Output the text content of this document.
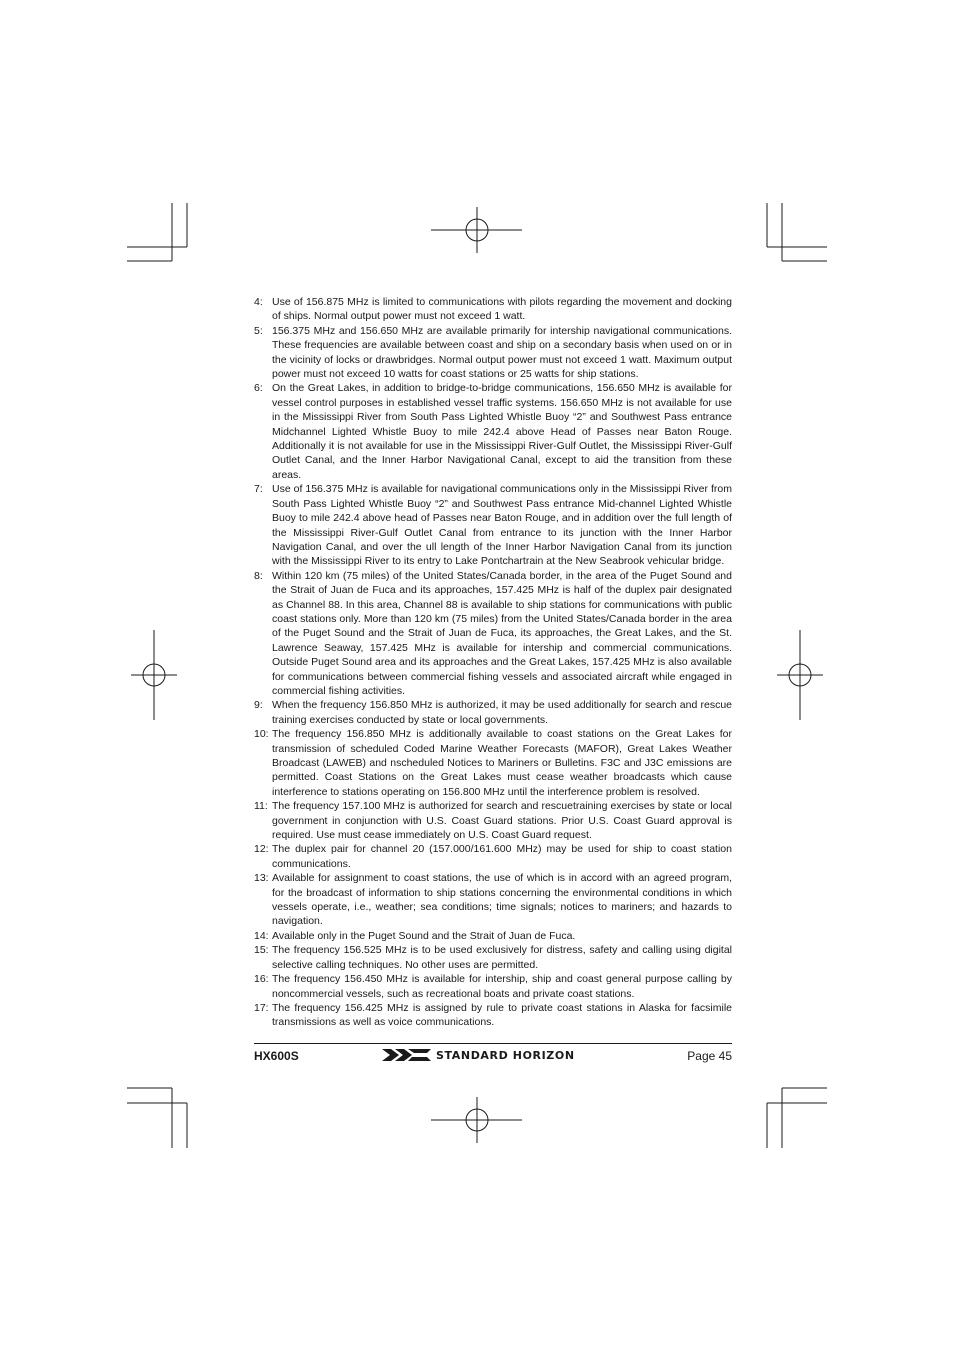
4: Use of 156.875 MHz is limited to communications with pilots regarding the movement and docking of ships. Normal output power must not exceed 1 watt.
5: 156.375 MHz and 156.650 MHz are available primarily for intership navigational communications. These frequencies are available between coast and ship on a secondary basis when used on or in the vicinity of locks or drawbridges. Normal output power must not exceed 1 watt. Maximum output power must not exceed 10 watts for coast stations or 25 watts for ship stations.
6: On the Great Lakes, in addition to bridge-to-bridge communications, 156.650 MHz is available for vessel control purposes in established vessel traffic systems. 156.650 MHz is not available for use in the Mississippi River from South Pass Lighted Whistle Buoy “2” and Southwest Pass entrance Midchannel Lighted Whistle Buoy to mile 242.4 above Head of Passes near Baton Rouge. Additionally it is not available for use in the Mississippi River-Gulf Outlet, the Mississippi River-Gulf Outlet Canal, and the Inner Harbor Navigational Canal, except to aid the transition from these areas.
7: Use of 156.375 MHz is available for navigational communications only in the Mississippi River from South Pass Lighted Whistle Buoy “2” and Southwest Pass entrance Mid-channel Lighted Whistle Buoy to mile 242.4 above head of Passes near Baton Rouge, and in addition over the full length of the Mississippi River-Gulf Outlet Canal from entrance to its junction with the Inner Harbor Navigation Canal, and over the ull length of the Inner Harbor Navigation Canal from its junction with the Mississippi River to its entry to Lake Pontchartrain at the New Seabrook vehicular bridge.
8: Within 120 km (75 miles) of the United States/Canada border, in the area of the Puget Sound and the Strait of Juan de Fuca and its approaches, 157.425 MHz is half of the duplex pair designated as Channel 88. In this area, Channel 88 is available to ship stations for communications with public coast stations only. More than 120 km (75 miles) from the United States/Canada border in the area of the Puget Sound and the Strait of Juan de Fuca, its approaches, the Great Lakes, and the St. Lawrence Seaway, 157.425 MHz is available for intership and commercial communications. Outside Puget Sound area and its approaches and the Great Lakes, 157.425 MHz is also available for communications between commercial fishing vessels and associated aircraft while engaged in commercial fishing activities.
9: When the frequency 156.850 MHz is authorized, it may be used additionally for search and rescue training exercises conducted by state or local governments.
10: The frequency 156.850 MHz is additionally available to coast stations on the Great Lakes for transmission of scheduled Coded Marine Weather Forecasts (MAFOR), Great Lakes Weather Broadcast (LAWEB) and nscheduled Notices to Mariners or Bulletins. F3C and J3C emissions are permitted. Coast Stations on the Great Lakes must cease weather broadcasts which cause interference to stations operating on 156.800 MHz until the interference problem is resolved.
11: The frequency 157.100 MHz is authorized for search and rescuetraining exercises by state or local government in conjunction with U.S. Coast Guard stations. Prior U.S. Coast Guard approval is required. Use must cease immediately on U.S. Coast Guard request.
12: The duplex pair for channel 20 (157.000/161.600 MHz) may be used for ship to coast station communications.
13: Available for assignment to coast stations, the use of which is in accord with an agreed program, for the broadcast of information to ship stations concerning the environmental conditions in which vessels operate, i.e., weather; sea conditions; time signals; notices to mariners; and hazards to navigation.
14: Available only in the Puget Sound and the Strait of Juan de Fuca.
15: The frequency 156.525 MHz is to be used exclusively for distress, safety and calling using digital selective calling techniques. No other uses are permitted.
16: The frequency 156.450 MHz is available for intership, ship and coast general purpose calling by noncommercial vessels, such as recreational boats and private coast stations.
17: The frequency 156.425 MHz is assigned by rule to private coast stations in Alaska for facsimile transmissions as well as voice communications.
HX600S	STANDARD HORIZON	Page 45
